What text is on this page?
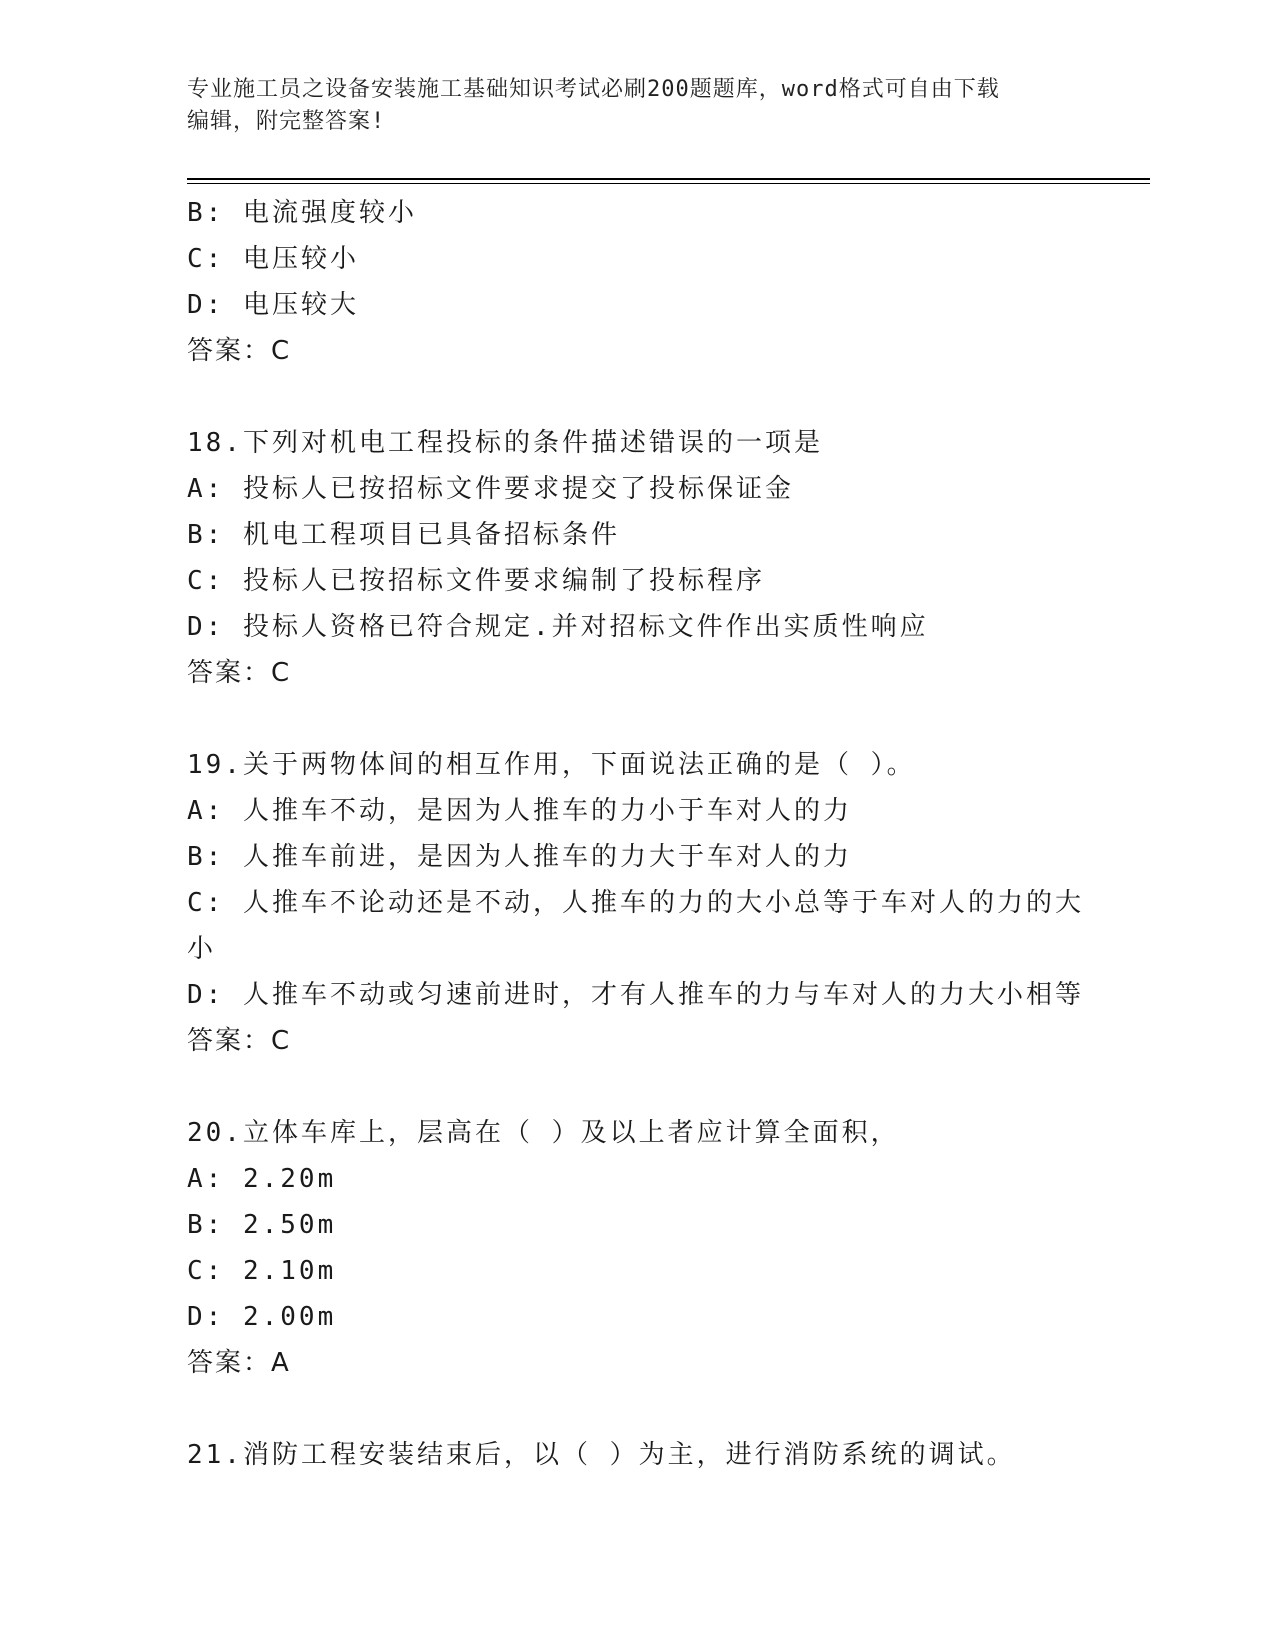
专业施工员之设备安装施工基础知识考试必刷200题题库，word格式可自由下载
编辑，附完整答案!
B: 电流强度较小
C: 电压较小
D: 电压较大
答案：C
18.下列对机电工程投标的条件描述错误的一项是
A: 投标人已按招标文件要求提交了投标保证金
B: 机电工程项目已具备招标条件
C: 投标人已按招标文件要求编制了投标程序
D: 投标人资格已符合规定.并对招标文件作出实质性响应
答案：C
19.关于两物体间的相互作用，下面说法正确的是（ ）。
A: 人推车不动，是因为人推车的力小于车对人的力
B: 人推车前进，是因为人推车的力大于车对人的力
C: 人推车不论动还是不动，人推车的力的大小总等于车对人的力的大
小
D: 人推车不动或匀速前进时，才有人推车的力与车对人的力大小相等
答案：C
20.立体车库上，层高在（ ）及以上者应计算全面积，
A: 2.20m
B: 2.50m
C: 2.10m
D: 2.00m
答案：A
21.消防工程安装结束后，以（ ）为主，进行消防系统的调试。
